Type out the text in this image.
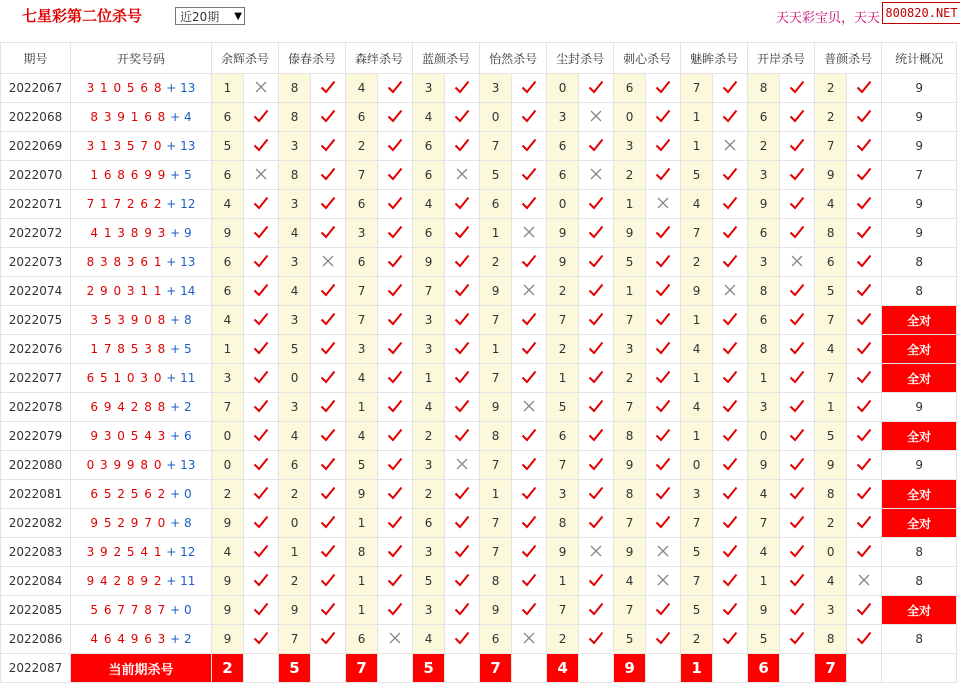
七星彩第二位杀号	近20期 ▼	天天彩宝贝，天天 800820.NET
期号	开奖号码	余辉杀号		傣春杀号		森绊杀号		蓝颜杀号		怡然杀号		尘封杀号		刺心杀号		魅眸杀号		开岸杀号		普颜杀号		统计概况
2022067	3 1 0 5 6 8 + 13	1		8		4		3		3		0		6		7		8		2		9
2022068	8 3 9 1 6 8 + 4	6		8		6		4		0		3		0		1		6		2		9
2022069	3 1 3 5 7 0 + 13	5		3		2		6		7		6		3		1		2		7		9
2022070	1 6 8 6 9 9 + 5	6		8		7		6		5		6		2		5		3		9		7
2022071	7 1 7 2 6 2 + 12	4		3		6		4		6		0		1		4		9		4		9
2022072	4 1 3 8 9 3 + 9	9		4		3		6		1		9		9		7		6		8		9
2022073	8 3 8 3 6 1 + 13	6		3		6		9		2		9		5		2		3		6		8
2022074	2 9 0 3 1 1 + 14	6		4		7		7		9		2		1		9		8		5		8
2022075	3 5 3 9 0 8 + 8	4		3		7		3		7		7		7		1		6		7		全对
2022076	1 7 8 5 3 8 + 5	1		5		3		3		1		2		3		4		8		4		全对
2022077	6 5 1 0 3 0 + 11	3		0		4		1		7		1		2		1		1		7		全对
2022078	6 9 4 2 8 8 + 2	7		3		1		4		9		5		7		4		3		1		9
2022079	9 3 0 5 4 3 + 6	0		4		4		2		8		6		8		1		0		5		全对
2022080	0 3 9 9 8 0 + 13	0		6		5		3		7		7		9		0		9		9		9
2022081	6 5 2 5 6 2 + 0	2		2		9		2		1		3		8		3		4		8		全对
2022082	9 5 2 9 7 0 + 8	9		0		1		6		7		8		7		7		7		2		全对
2022083	3 9 2 5 4 1 + 12	4		1		8		3		7		9		9		5		4		0		8
2022084	9 4 2 8 9 2 + 11	9		2		1		5		8		1		4		7		1		4		8
2022085	5 6 7 7 8 7 + 0	9		9		1		3		9		7		7		5		9		3		全对
2022086	4 6 4 9 6 3 + 2	9		7		6		4		6		2		5		2		5		8		8
2022087	当前期杀号	2		5		7		5		7		4		9		1		6		7		
